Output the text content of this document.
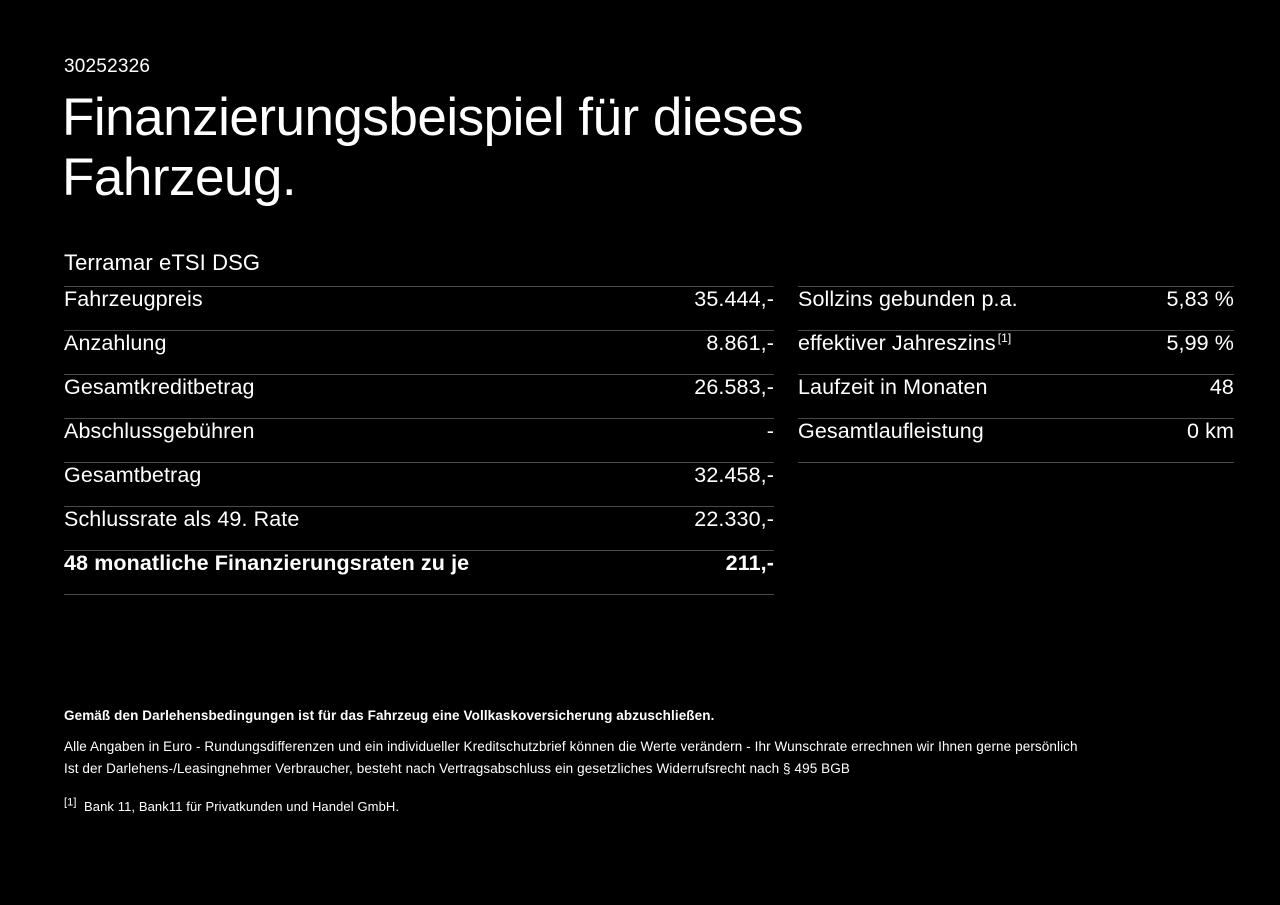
30252326
Finanzierungsbeispiel für dieses Fahrzeug.
Terramar eTSI DSG
Fahrzeugpreis	35.444,-
Anzahlung	8.861,-
Gesamtkreditbetrag	26.583,-
Abschlussgebühren	-
Gesamtbetrag	32.458,-
Schlussrate als 49. Rate	22.330,-
48 monatliche Finanzierungsraten zu je	211,-
Sollzins gebunden p.a.	5,83 %
effektiver Jahreszins [1]	5,99 %
Laufzeit in Monaten	48
Gesamtlaufleistung	0 km
Gemäß den Darlehensbedingungen ist für das Fahrzeug eine Vollkaskoversicherung abzuschließen.
Alle Angaben in Euro - Rundungsdifferenzen und ein individueller Kreditschutzbrief können die Werte verändern - Ihr Wunschrate errechnen wir Ihnen gerne persönlich
Ist der Darlehens-/Leasingnehmer Verbraucher, besteht nach Vertragsabschluss ein gesetzliches Widerrufsrecht nach § 495 BGB
[1] Bank 11, Bank11 für Privatkunden und Handel GmbH.
